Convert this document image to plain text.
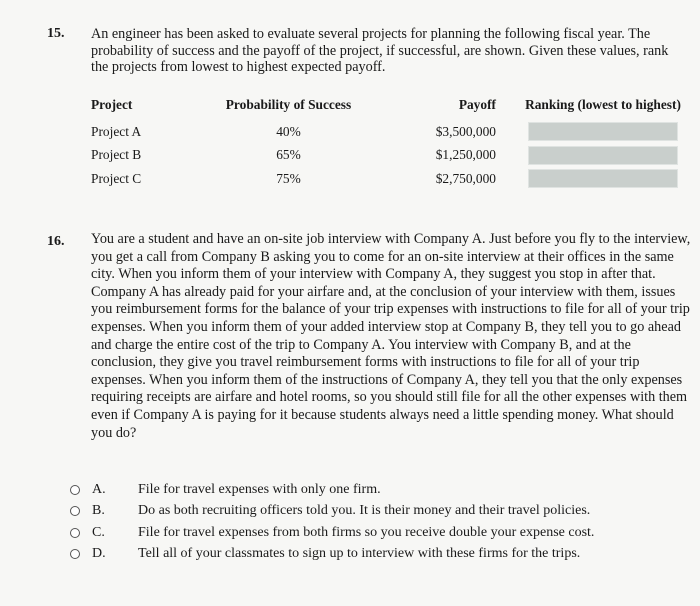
15. An engineer has been asked to evaluate several projects for planning the following fiscal year. The probability of success and the payoff of the project, if successful, are shown. Given these values, rank the projects from lowest to highest expected payoff.
Project	Probability of Success	Payoff	Ranking (lowest to highest)
Project A	40%	$3,500,000	
Project B	65%	$1,250,000	
Project C	75%	$2,750,000	
16. You are a student and have an on-site job interview with Company A. Just before you fly to the interview, you get a call from Company B asking you to come for an on-site interview at their offices in the same city. When you inform them of your interview with Company A, they suggest you stop in after that. Company A has already paid for your airfare and, at the conclusion of your interview with them, issues you reimbursement forms for the balance of your trip expenses with instructions to file for all of your trip expenses. When you inform them of your added interview stop at Company B, they tell you to go ahead and charge the entire cost of the trip to Company A. You interview with Company B, and at the conclusion, they give you travel reimbursement forms with instructions to file for all of your trip expenses. When you inform them of the instructions of Company A, they tell you that the only expenses requiring receipts are airfare and hotel rooms, so you should still file for all the other expenses with them even if Company A is paying for it because students always need a little spending money. What should you do?
A.	File for travel expenses with only one firm.
B.	Do as both recruiting officers told you. It is their money and their travel policies.
C.	File for travel expenses from both firms so you receive double your expense cost.
D.	Tell all of your classmates to sign up to interview with these firms for the trips.
